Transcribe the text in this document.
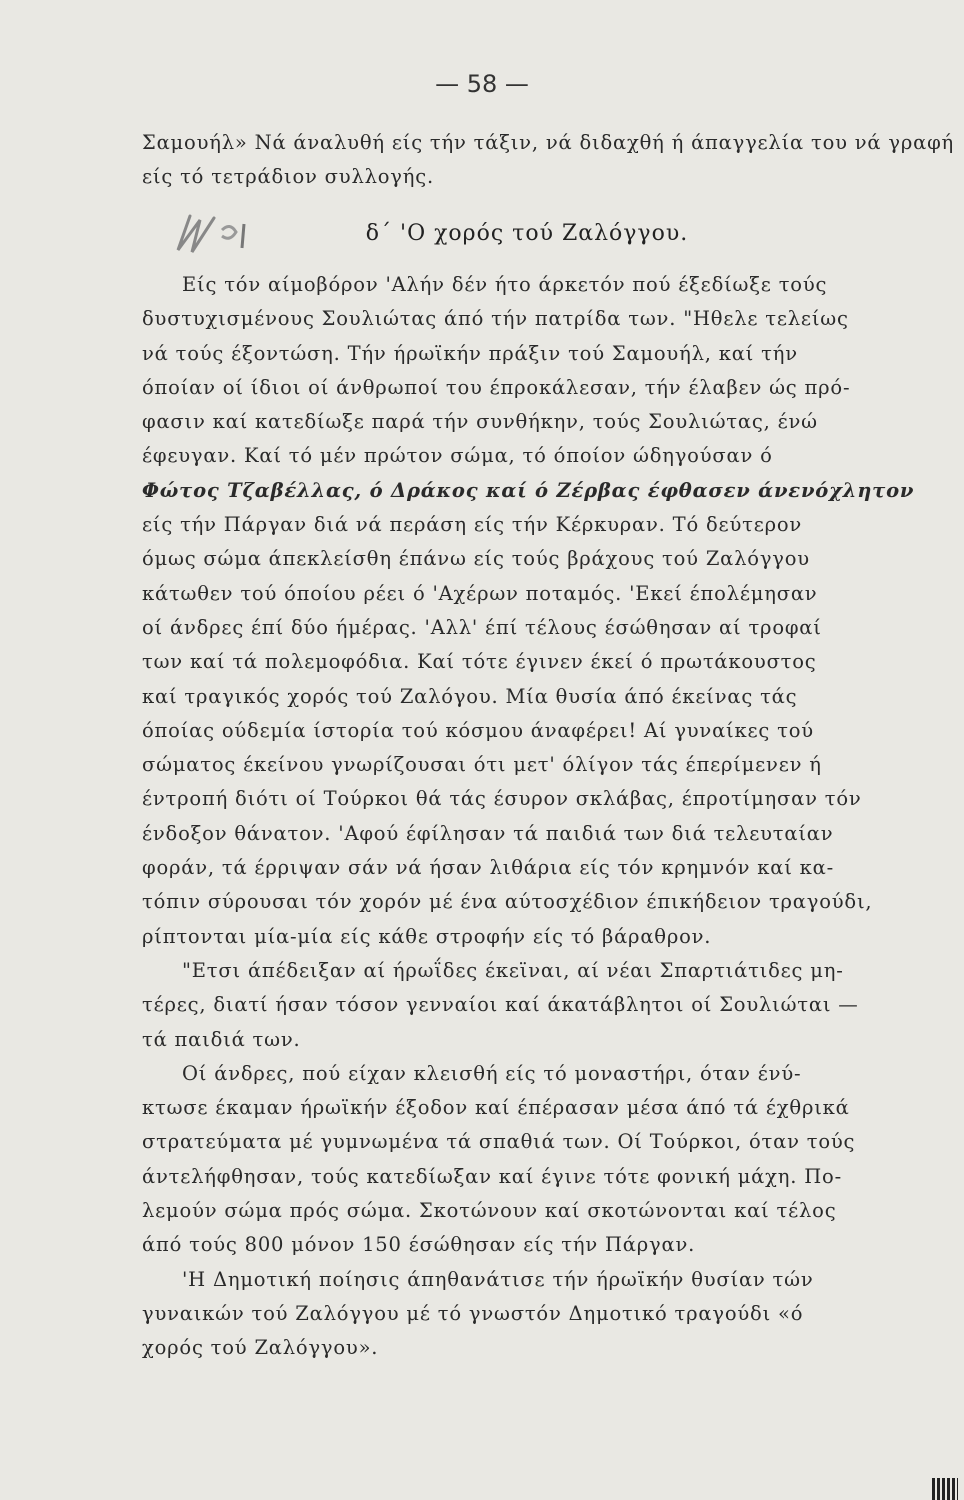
— 58 —
Σαμουήλ» Νά άναλυθή είς τήν τάξιν, νά διδαχθή ή άπαγγελία του νά γραφή
είς τό τετράδιον συλλογής.
δ΄ 'Ο χορός τού Ζαλόγγου.
Είς τόν αίμοβόρον 'Αλήν δέν ήτο άρκετόν πού έξεδίωξε τούς
δυστυχισμένους Σουλιώτας άπό τήν πατρίδα των. "Ηθελε τελείως
νά τούς έξοντώση. Τήν ήρωϊκήν πράξιν τού Σαμουήλ, καί τήν
όποίαν οί ίδιοι οί άνθρωποί του έπροκάλεσαν, τήν έλαβεν ώς πρό-
φασιν καί κατεδίωξε παρά τήν συνθήκην, τούς Σουλιώτας, ένώ
έφευγαν. Καί τό μέν πρώτον σώμα, τό όποίον ώδηγούσαν ό
Φώτος Τζαβέλλας, ό Δράκος καί ό Ζέρβας έφθασεν άνενόχλητον
είς τήν Πάργαν διά νά περάση είς τήν Κέρκυραν. Τό δεύτερον
όμως σώμα άπεκλείσθη έπάνω είς τούς βράχους τού Ζαλόγγου
κάτωθεν τού όποίου ρέει ό 'Αχέρων ποταμός. 'Εκεί έπολέμησαν
οί άνδρες έπί δύο ήμέρας. 'Αλλ' έπί τέλους έσώθησαν αί τροφαί
των καί τά πολεμοφόδια. Καί τότε έγινεν έκεί ό πρωτάκουστος
καί τραγικός χορός τού Ζαλόγου. Μία θυσία άπό έκείνας τάς
όποίας ούδεμία ίστορία τού κόσμου άναφέρει! Αί γυναίκες τού
σώματος έκείνου γνωρίζουσαι ότι μετ' όλίγον τάς έπερίμενεν ή
έντροπή διότι οί Τούρκοι θά τάς έσυρον σκλάβας, έπροτίμησαν τόν
ένδοξον θάνατον. 'Αφού έφίλησαν τά παιδιά των διά τελευταίαν
φοράν, τά έρριψαν σάν νά ήσαν λιθάρια είς τόν κρημνόν καί κα-
τόπιν σύρουσαι τόν χορόν μέ ένα αύτοσχέδιον έπικήδειον τραγούδι,
ρίπτονται μία-μία είς κάθε στροφήν είς τό βάραθρον.
"Ετσι άπέδειξαν αί ήρωΐδες έκεϊναι, αί νέαι Σπαρτιάτιδες μη-
τέρες, διατί ήσαν τόσον γενναίοι καί άκατάβλητοι οί Σουλιώται —
τά παιδιά των.
Οί άνδρες, πού είχαν κλεισθή είς τό μοναστήρι, όταν ένύ-
κτωσε έκαμαν ήρωϊκήν έξοδον καί έπέρασαν μέσα άπό τά έχθρικά
στρατεύματα μέ γυμνωμένα τά σπαθιά των. Οί Τούρκοι, όταν τούς
άντελήφθησαν, τούς κατεδίωξαν καί έγινε τότε φονική μάχη. Πο-
λεμούν σώμα πρός σώμα. Σκοτώνουν καί σκοτώνονται καί τέλος
άπό τούς 800 μόνον 150 έσώθησαν είς τήν Πάργαν.
'Η Δημοτική ποίησις άπηθανάτισε τήν ήρωϊκήν θυσίαν τών
γυναικών τού Ζαλόγγου μέ τό γνωστόν Δημοτικό τραγούδι «ό
χορός τού Ζαλόγγου».
